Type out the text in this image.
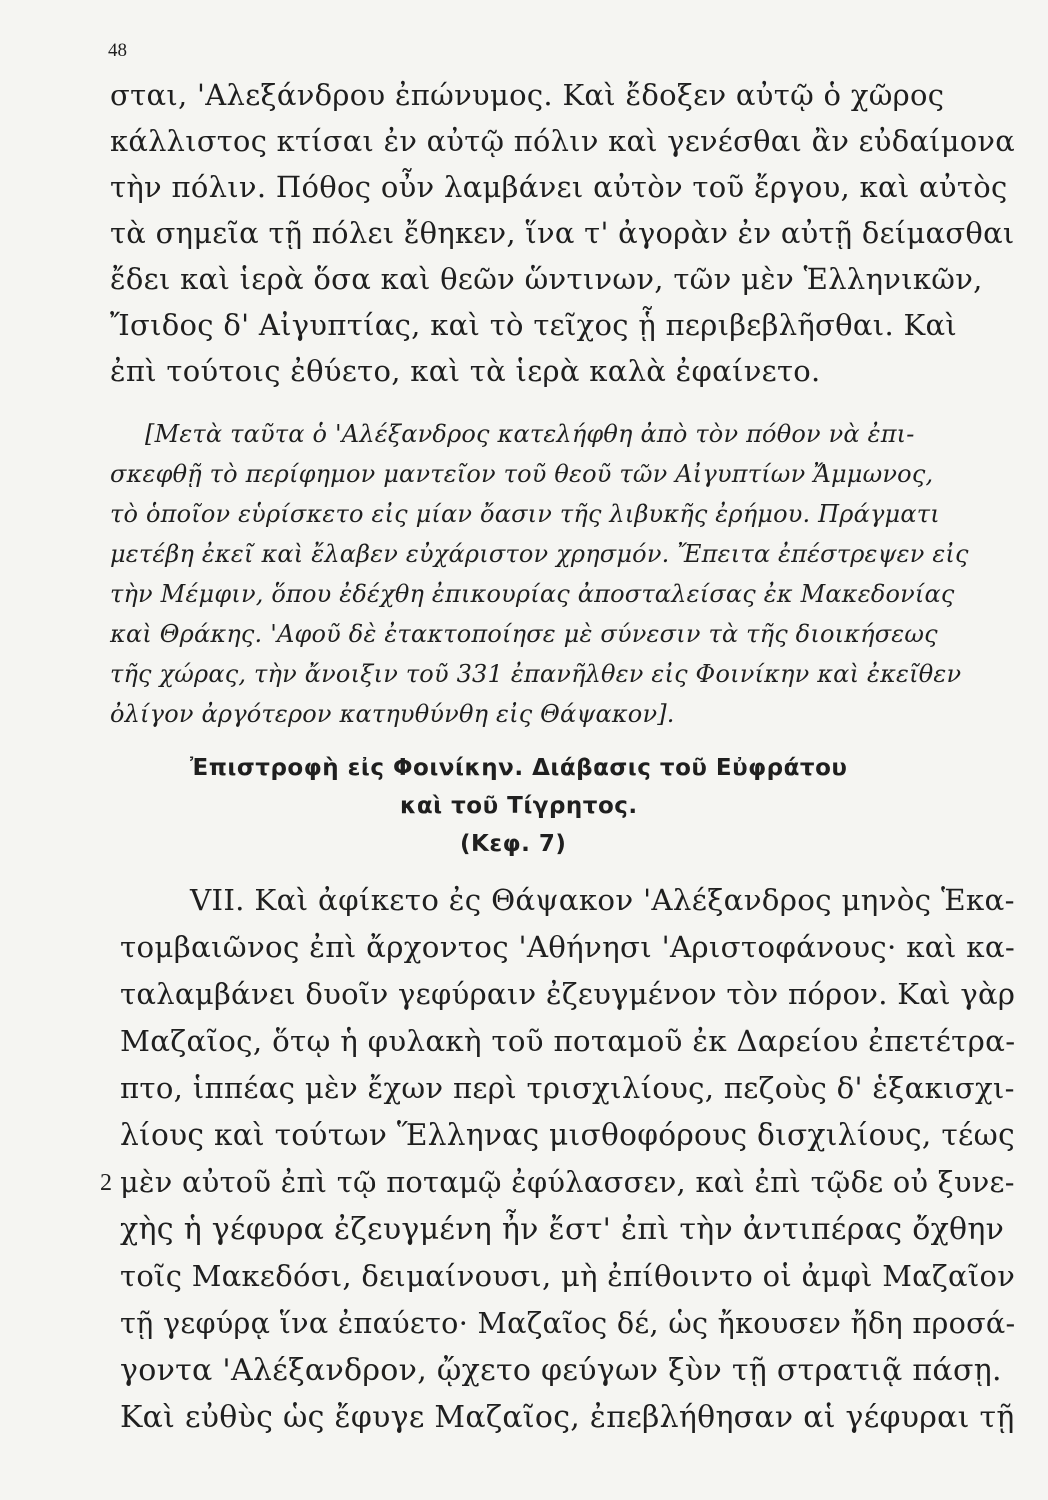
48
σται, 'Αλεξάνδρου ἐπώνυμος. Καὶ ἔδοξεν αὐτῷ ὁ χῶρος
κάλλιστος κτίσαι ἐν αὐτῷ πόλιν καὶ γενέσθαι ἂν εὐδαίμονα
τὴν πόλιν. Πόθος οὖν λαμβάνει αὐτὸν τοῦ ἔργου, καὶ αὐτὸς
τὰ σημεῖα τῇ πόλει ἔθηκεν, ἵνα τ' ἀγορὰν ἐν αὐτῇ δείμασθαι
ἔδει καὶ ἱερὰ ὅσα καὶ θεῶν ὥντινων, τῶν μὲν Ἑλληνικῶν,
Ἴσιδος δ' Αἰγυπτίας, καὶ τὸ τεῖχος ᾗ περιβεβλῆσθαι. Καὶ
ἐπὶ τούτοις ἐθύετο, καὶ τὰ ἱερὰ καλὰ ἐφαίνετο.
[Μετὰ ταῦτα ὁ 'Αλέξανδρος κατελήφθη ἀπὸ τὸν πόθον νὰ ἐπι-
σκεφθῇ τὸ περίφημον μαντεῖον τοῦ θεοῦ τῶν Αἰγυπτίων Ἄμμωνος,
τὸ ὁποῖον εὑρίσκετο εἰς μίαν ὄασιν τῆς λιβυκῆς ἐρήμου. Πράγματι
μετέβη ἐκεῖ καὶ ἔλαβεν εὐχάριστον χρησμόν. Ἔπειτα ἐπέστρεψεν εἰς
τὴν Μέμφιν, ὅπου ἐδέχθη ἐπικουρίας ἀποσταλείσας ἐκ Μακεδονίας
καὶ Θράκης. 'Αφοῦ δὲ ἐτακτοποίησε μὲ σύνεσιν τὰ τῆς διοικήσεως
τῆς χώρας, τὴν ἄνοιξιν τοῦ 331 ἐπανῆλθεν εἰς Φοινίκην καὶ ἐκεῖθεν
ὀλίγον ἀργότερον κατηυθύνθη εἰς Θάψακον].
Ἐπιστροφὴ εἰς Φοινίκην. Διάβασις τοῦ Εὐφράτου
καὶ τοῦ Τίγρητος.
(Κεφ. 7)
VII. Καὶ ἀφίκετο ἐς Θάψακον 'Αλέξανδρος μηνὸς Ἑκα-
τομβαιῶνος ἐπὶ ἄρχοντος 'Αθήνησι 'Αριστοφάνους· καὶ κα-
ταλαμβάνει δυοῖν γεφύραιν ἐζευγμένον τὸν πόρον. Καὶ γὰρ
Μαζαῖος, ὅτῳ ἡ φυλακὴ τοῦ ποταμοῦ ἐκ Δαρείου ἐπετέτρα-
πτο, ἱππέας μὲν ἔχων περὶ τρισχιλίους, πεζοὺς δ' ἑξακισχι-
λίους καὶ τούτων Ἕλληνας μισθοφόρους δισχιλίους, τέως
μὲν αὐτοῦ ἐπὶ τῷ ποταμῷ ἐφύλασσεν, καὶ ἐπὶ τῷδε οὐ ξυνε-
χὴς ἡ γέφυρα ἐζευγμένη ἦν ἔστ' ἐπὶ τὴν ἀντιπέρας ὄχθην
τοῖς Μακεδόσι, δειμαίνουσι, μὴ ἐπίθοιντο οἱ ἀμφὶ Μαζαῖον
τῇ γεφύρᾳ ἵνα ἐπαύετο· Μαζαῖος δέ, ὡς ἤκουσεν ἤδη προσά-
γοντα 'Αλέξανδρον, ᾤχετο φεύγων ξὺν τῇ στρατιᾷ πάσῃ.
Καὶ εὐθὺς ὡς ἔφυγε Μαζαῖος, ἐπεβλήθησαν αἱ γέφυραι τῇ
2
